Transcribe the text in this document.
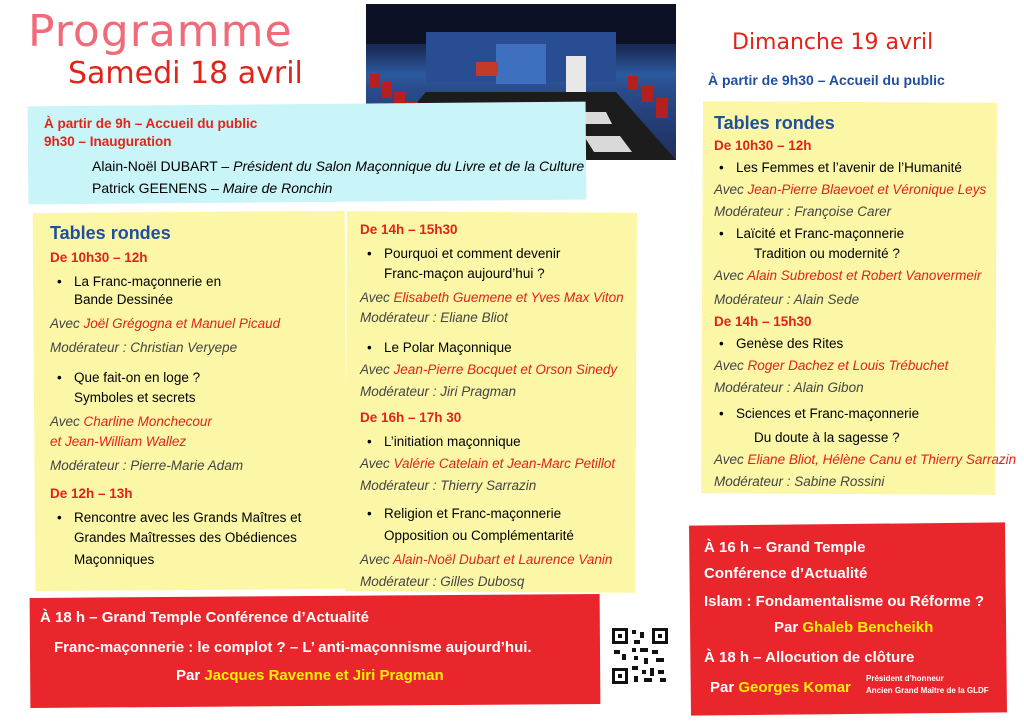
Programme
Samedi 18 avril
Dimanche 19 avril
À partir de 9h30 – Accueil du public
À partir de 9h – Accueil du public
9h30 – Inauguration
Alain-Noël DUBART – Président du Salon Maçonnique du Livre et de la Culture
Patrick GEENENS – Maire de Ronchin
Tables rondes
De 10h30 – 12h
• La Franc-maçonnerie en
Bande Dessinée
Avec Joël Grégogna et Manuel Picaud
Modérateur : Christian Veryepe
• Que fait-on en loge ?
Symboles et secrets
Avec Charline Monchecour
et Jean-William Wallez
Modérateur : Pierre-Marie Adam
De 12h – 13h
• Rencontre avec les Grands Maîtres et
Grandes Maîtresses des Obédiences
Maçonniques
De 14h – 15h30
• Pourquoi et comment devenir
Franc-maçon aujourd’hui ?
Avec Elisabeth Guemene et Yves Max Viton
Modérateur : Eliane Bliot
• Le Polar Maçonnique
Avec Jean-Pierre Bocquet et Orson Sinedy
Modérateur : Jiri Pragman
De 16h – 17h 30
• L’initiation maçonnique
Avec Valérie Catelain et Jean-Marc Petillot
Modérateur : Thierry Sarrazin
• Religion et Franc-maçonnerie
Opposition ou Complémentarité
Avec Alain-Noël Dubart et Laurence Vanin
Modérateur : Gilles Dubosq
À 18 h – Grand Temple Conférence d’Actualité
Franc-maçonnerie : le complot ? – L’ anti-maçonnisme aujourd’hui.
Par Jacques Ravenne et Jiri Pragman
Tables rondes
De 10h30 – 12h
• Les Femmes et l’avenir de l’Humanité
Avec Jean-Pierre Blaevoet et Véronique Leys
Modérateur : Françoise Carer
• Laïcité et Franc-maçonnerie
Tradition ou modernité ?
Avec Alain Subrebost et Robert Vanovermeir
Modérateur : Alain Sede
De 14h – 15h30
• Genèse des Rites
Avec Roger Dachez et Louis Trébuchet
Modérateur : Alain Gibon
• Sciences et Franc-maçonnerie
Du doute à la sagesse ?
Avec Eliane Bliot, Hélène Canu et Thierry Sarrazin
Modérateur : Sabine Rossini
À 16 h – Grand Temple
Conférence d’Actualité
Islam : Fondamentalisme ou Réforme ?
Par Ghaleb Bencheikh
À 18 h – Allocution de clôture
Par Georges Komar
Président d’honneur
Ancien Grand Maître de la GLDF
